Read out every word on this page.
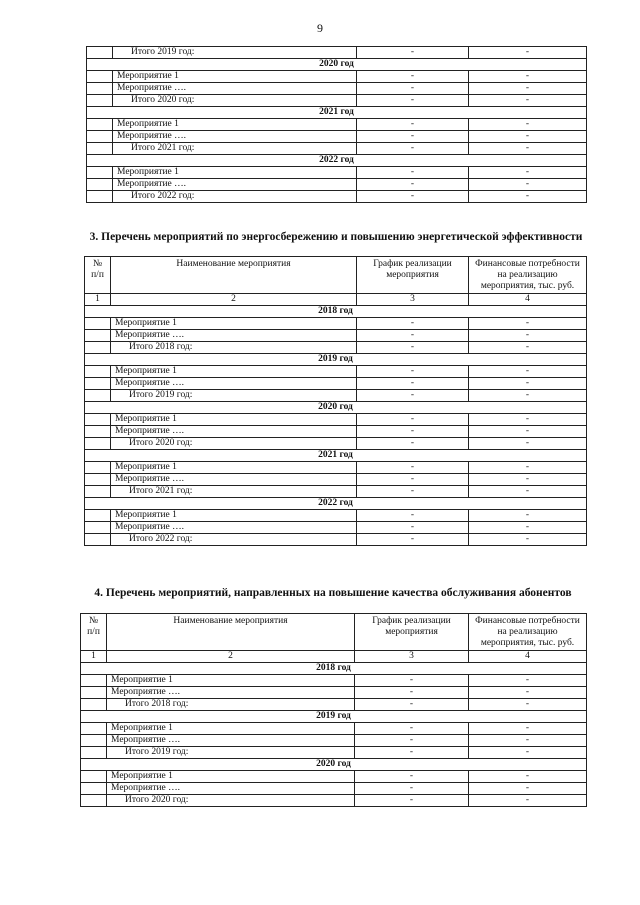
9
	Итого 2019 год:	-	-
2020 год			
	Мероприятие 1	-	-
	Мероприятие ….	-	-
	Итого 2020 год:	-	-
2021 год			
	Мероприятие 1	-	-
	Мероприятие ….	-	-
	Итого 2021 год:	-	-
2022 год			
	Мероприятие 1	-	-
	Мероприятие ….	-	-
	Итого 2022 год:	-	-
3. Перечень мероприятий по энергосбережению и повышению энергетической эффективности
№ п/п	Наименование мероприятия	График реализации мероприятия	Финансовые потребности на реализацию мероприятия, тыс. руб.
1	2	3	4
2018 год			
	Мероприятие 1	-	-
	Мероприятие ….	-	-
	Итого 2018 год:	-	-
2019 год			
	Мероприятие 1	-	-
	Мероприятие ….	-	-
	Итого 2019 год:	-	-
2020 год			
	Мероприятие 1	-	-
	Мероприятие ….	-	-
	Итого 2020 год:	-	-
2021 год			
	Мероприятие 1	-	-
	Мероприятие ….	-	-
	Итого 2021 год:	-	-
2022 год			
	Мероприятие 1	-	-
	Мероприятие ….	-	-
	Итого 2022 год:	-	-
4. Перечень мероприятий, направленных на повышение качества обслуживания абонентов
№ п/п	Наименование мероприятия	График реализации мероприятия	Финансовые потребности на реализацию мероприятия, тыс. руб.
1	2	3	4
2018 год			
	Мероприятие 1	-	-
	Мероприятие ….	-	-
	Итого 2018 год:	-	-
2019 год			
	Мероприятие 1	-	-
	Мероприятие ….	-	-
	Итого 2019 год:	-	-
2020 год			
	Мероприятие 1	-	-
	Мероприятие ….	-	-
	Итого 2020 год:	-	-
